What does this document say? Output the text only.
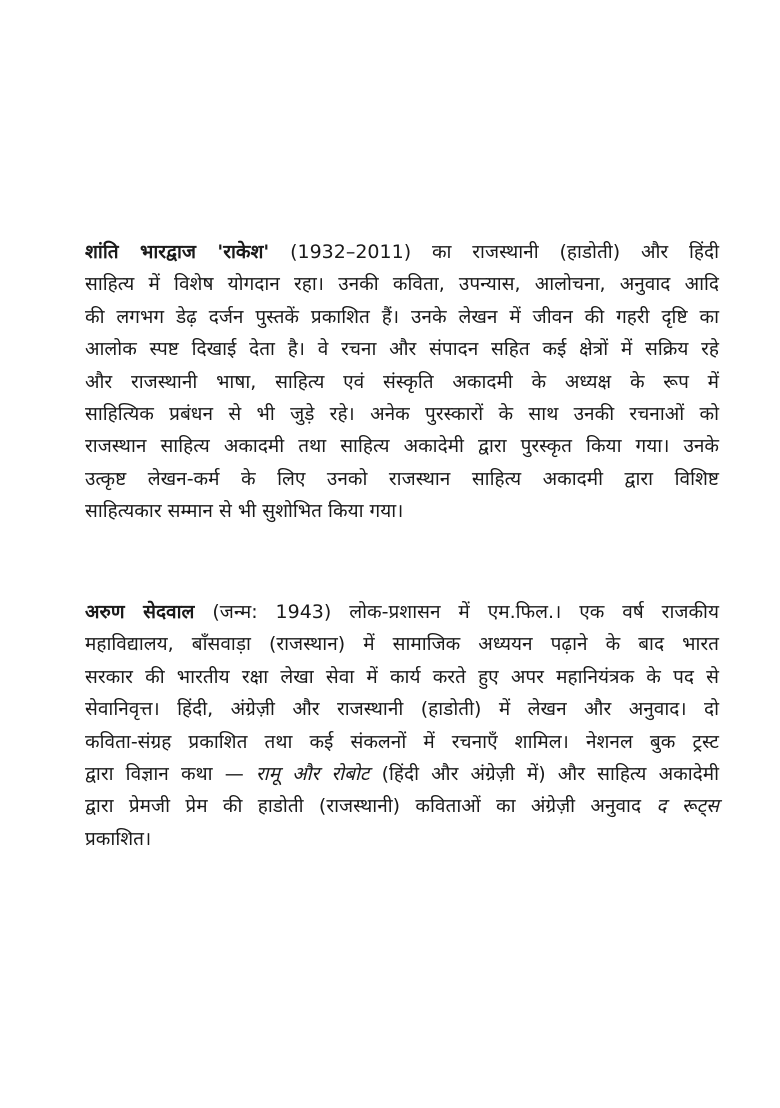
शांति भारद्वाज 'राकेश' (1932–2011) का राजस्थानी (हाडोती) और हिंदी
साहित्य में विशेष योगदान रहा। उनकी कविता, उपन्यास, आलोचना, अनुवाद आदि
की लगभग डेढ़ दर्जन पुस्तकें प्रकाशित हैं। उनके लेखन में जीवन की गहरी दृष्टि का
आलोक स्पष्ट दिखाई देता है। वे रचना और संपादन सहित कई क्षेत्रों में सक्रिय रहे
और राजस्थानी भाषा, साहित्य एवं संस्कृति अकादमी के अध्यक्ष के रूप में
साहित्यिक प्रबंधन से भी जुड़े रहे। अनेक पुरस्कारों के साथ उनकी रचनाओं को
राजस्थान साहित्य अकादमी तथा साहित्य अकादेमी द्वारा पुरस्कृत किया गया। उनके
उत्कृष्ट लेखन-कर्म के लिए उनको राजस्थान साहित्य अकादमी द्वारा विशिष्ट
साहित्यकार सम्मान से भी सुशोभित किया गया।
अरुण सेदवाल (जन्म: 1943) लोक-प्रशासन में एम.फिल.। एक वर्ष राजकीय
महाविद्यालय, बाँसवाड़ा (राजस्थान) में सामाजिक अध्ययन पढ़ाने के बाद भारत
सरकार की भारतीय रक्षा लेखा सेवा में कार्य करते हुए अपर महानियंत्रक के पद से
सेवानिवृत्त। हिंदी, अंग्रेज़ी और राजस्थानी (हाडोती) में लेखन और अनुवाद। दो
कविता-संग्रह प्रकाशित तथा कई संकलनों में रचनाएँ शामिल। नेशनल बुक ट्रस्ट
द्वारा विज्ञान कथा — रामू और रोबोट (हिंदी और अंग्रेज़ी में) और साहित्य अकादेमी
द्वारा प्रेमजी प्रेम की हाडोती (राजस्थानी) कविताओं का अंग्रेज़ी अनुवाद द रूट्स
प्रकाशित।
